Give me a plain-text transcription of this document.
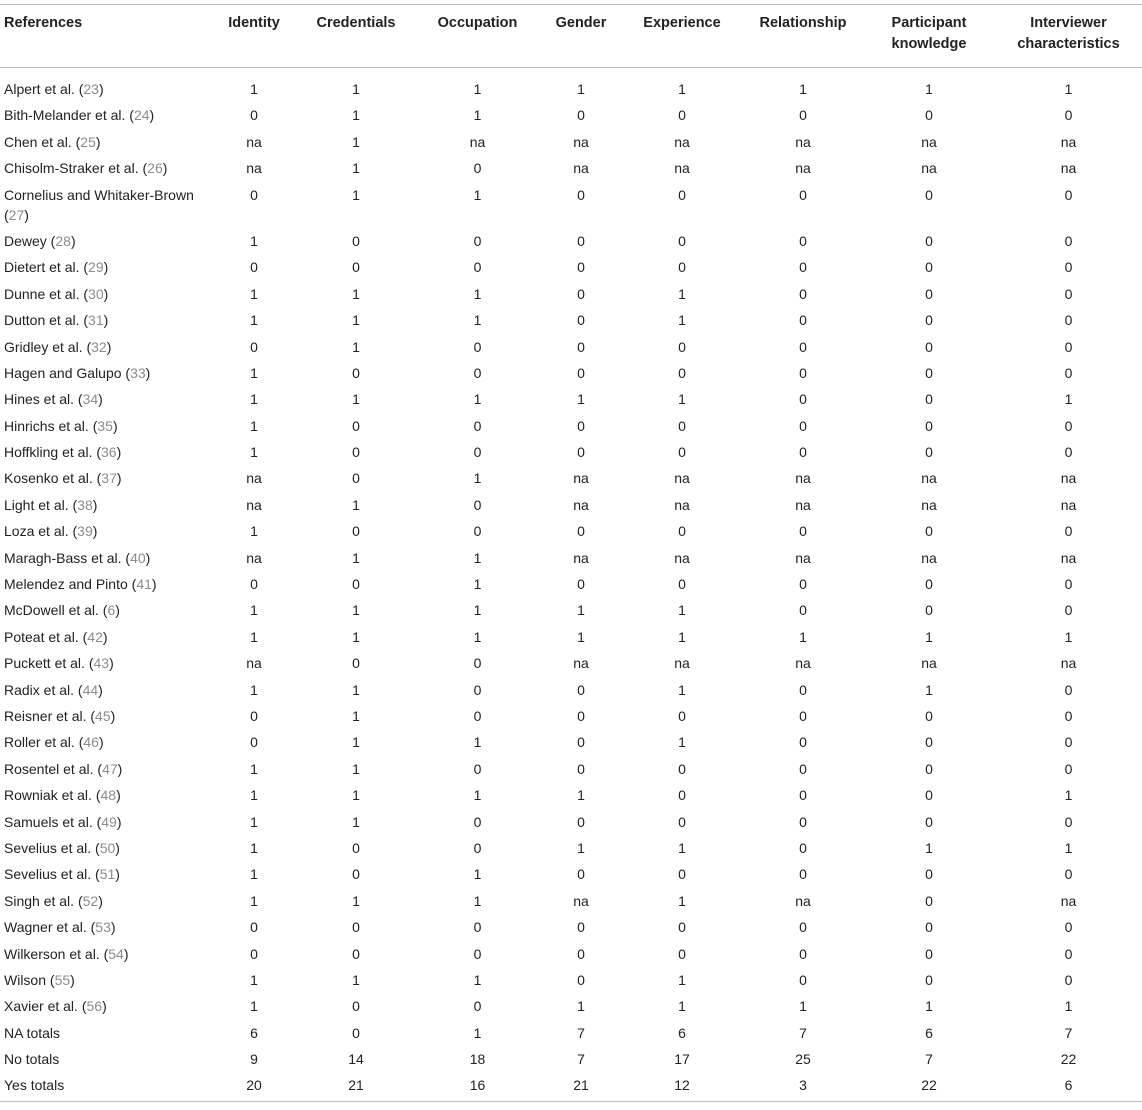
References	Identity	Credentials	Occupation	Gender	Experience	Relationship	Participant knowledge	Interviewer characteristics
Alpert et al. (23)	1	1	1	1	1	1	1	1
Bith-Melander et al. (24)	0	1	1	0	0	0	0	0
Chen et al. (25)	na	1	na	na	na	na	na	na
Chisolm-Straker et al. (26)	na	1	0	na	na	na	na	na
Cornelius and Whitaker-Brown (27)	0	1	1	0	0	0	0	0
Dewey (28)	1	0	0	0	0	0	0	0
Dietert et al. (29)	0	0	0	0	0	0	0	0
Dunne et al. (30)	1	1	1	0	1	0	0	0
Dutton et al. (31)	1	1	1	0	1	0	0	0
Gridley et al. (32)	0	1	0	0	0	0	0	0
Hagen and Galupo (33)	1	0	0	0	0	0	0	0
Hines et al. (34)	1	1	1	1	1	0	0	1
Hinrichs et al. (35)	1	0	0	0	0	0	0	0
Hoffkling et al. (36)	1	0	0	0	0	0	0	0
Kosenko et al. (37)	na	0	1	na	na	na	na	na
Light et al. (38)	na	1	0	na	na	na	na	na
Loza et al. (39)	1	0	0	0	0	0	0	0
Maragh-Bass et al. (40)	na	1	1	na	na	na	na	na
Melendez and Pinto (41)	0	0	1	0	0	0	0	0
McDowell et al. (6)	1	1	1	1	1	0	0	0
Poteat et al. (42)	1	1	1	1	1	1	1	1
Puckett et al. (43)	na	0	0	na	na	na	na	na
Radix et al. (44)	1	1	0	0	1	0	1	0
Reisner et al. (45)	0	1	0	0	0	0	0	0
Roller et al. (46)	0	1	1	0	1	0	0	0
Rosentel et al. (47)	1	1	0	0	0	0	0	0
Rowniak et al. (48)	1	1	1	1	0	0	0	1
Samuels et al. (49)	1	1	0	0	0	0	0	0
Sevelius et al. (50)	1	0	0	1	1	0	1	1
Sevelius et al. (51)	1	0	1	0	0	0	0	0
Singh et al. (52)	1	1	1	na	1	na	0	na
Wagner et al. (53)	0	0	0	0	0	0	0	0
Wilkerson et al. (54)	0	0	0	0	0	0	0	0
Wilson (55)	1	1	1	0	1	0	0	0
Xavier et al. (56)	1	0	0	1	1	1	1	1
NA totals	6	0	1	7	6	7	6	7
No totals	9	14	18	7	17	25	7	22
Yes totals	20	21	16	21	12	3	22	6
